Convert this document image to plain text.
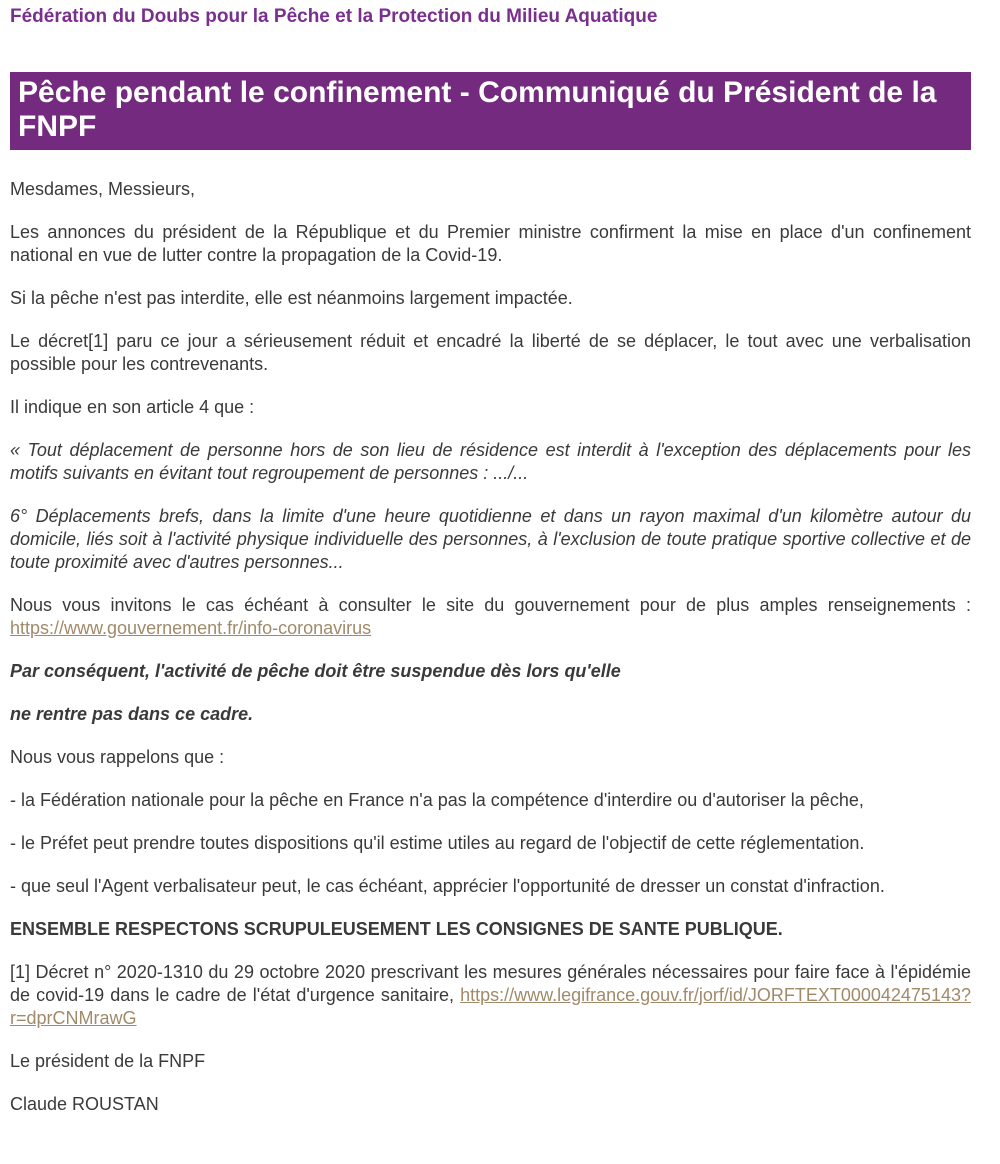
Fédération du Doubs pour la Pêche et la Protection du Milieu Aquatique
Pêche pendant le confinement - Communiqué du Président de la FNPF

Mesdames, Messieurs,

Les annonces du président de la République et du Premier ministre confirment la mise en place d'un confinement national en vue de lutter contre la propagation de la Covid-19.

Si la pêche n'est pas interdite, elle est néanmoins largement impactée.

Le décret[1] paru ce jour a sérieusement réduit et encadré la liberté de se déplacer, le tout avec une verbalisation possible pour les contrevenants.

Il indique en son article 4 que :

« Tout déplacement de personne hors de son lieu de résidence est interdit à l'exception des déplacements pour les motifs suivants en évitant tout regroupement de personnes : .../...

6° Déplacements brefs, dans la limite d'une heure quotidienne et dans un rayon maximal d'un kilomètre autour du domicile, liés soit à l'activité physique individuelle des personnes, à l'exclusion de toute pratique sportive collective et de toute proximité avec d'autres personnes...

Nous vous invitons le cas échéant à consulter le site du gouvernement pour de plus amples renseignements : https://www.gouvernement.fr/info-coronavirus

Par conséquent, l'activité de pêche doit être suspendue dès lors qu'elle

ne rentre pas dans ce cadre.

Nous vous rappelons que :

- la Fédération nationale pour la pêche en France n'a pas la compétence d'interdire ou d'autoriser la pêche,

- le Préfet peut prendre toutes dispositions qu'il estime utiles au regard de l'objectif de cette réglementation.

- que seul l'Agent verbalisateur peut, le cas échéant, apprécier l'opportunité de dresser un constat d'infraction.

ENSEMBLE RESPECTONS SCRUPULEUSEMENT LES CONSIGNES DE SANTE PUBLIQUE.

[1] Décret n° 2020-1310 du 29 octobre 2020 prescrivant les mesures générales nécessaires pour faire face à l'épidémie de covid-19 dans le cadre de l'état d'urgence sanitaire, https://www.legifrance.gouv.fr/jorf/id/JORFTEXT000042475143?r=dprCNMrawG

Le président de la FNPF

Claude ROUSTAN
